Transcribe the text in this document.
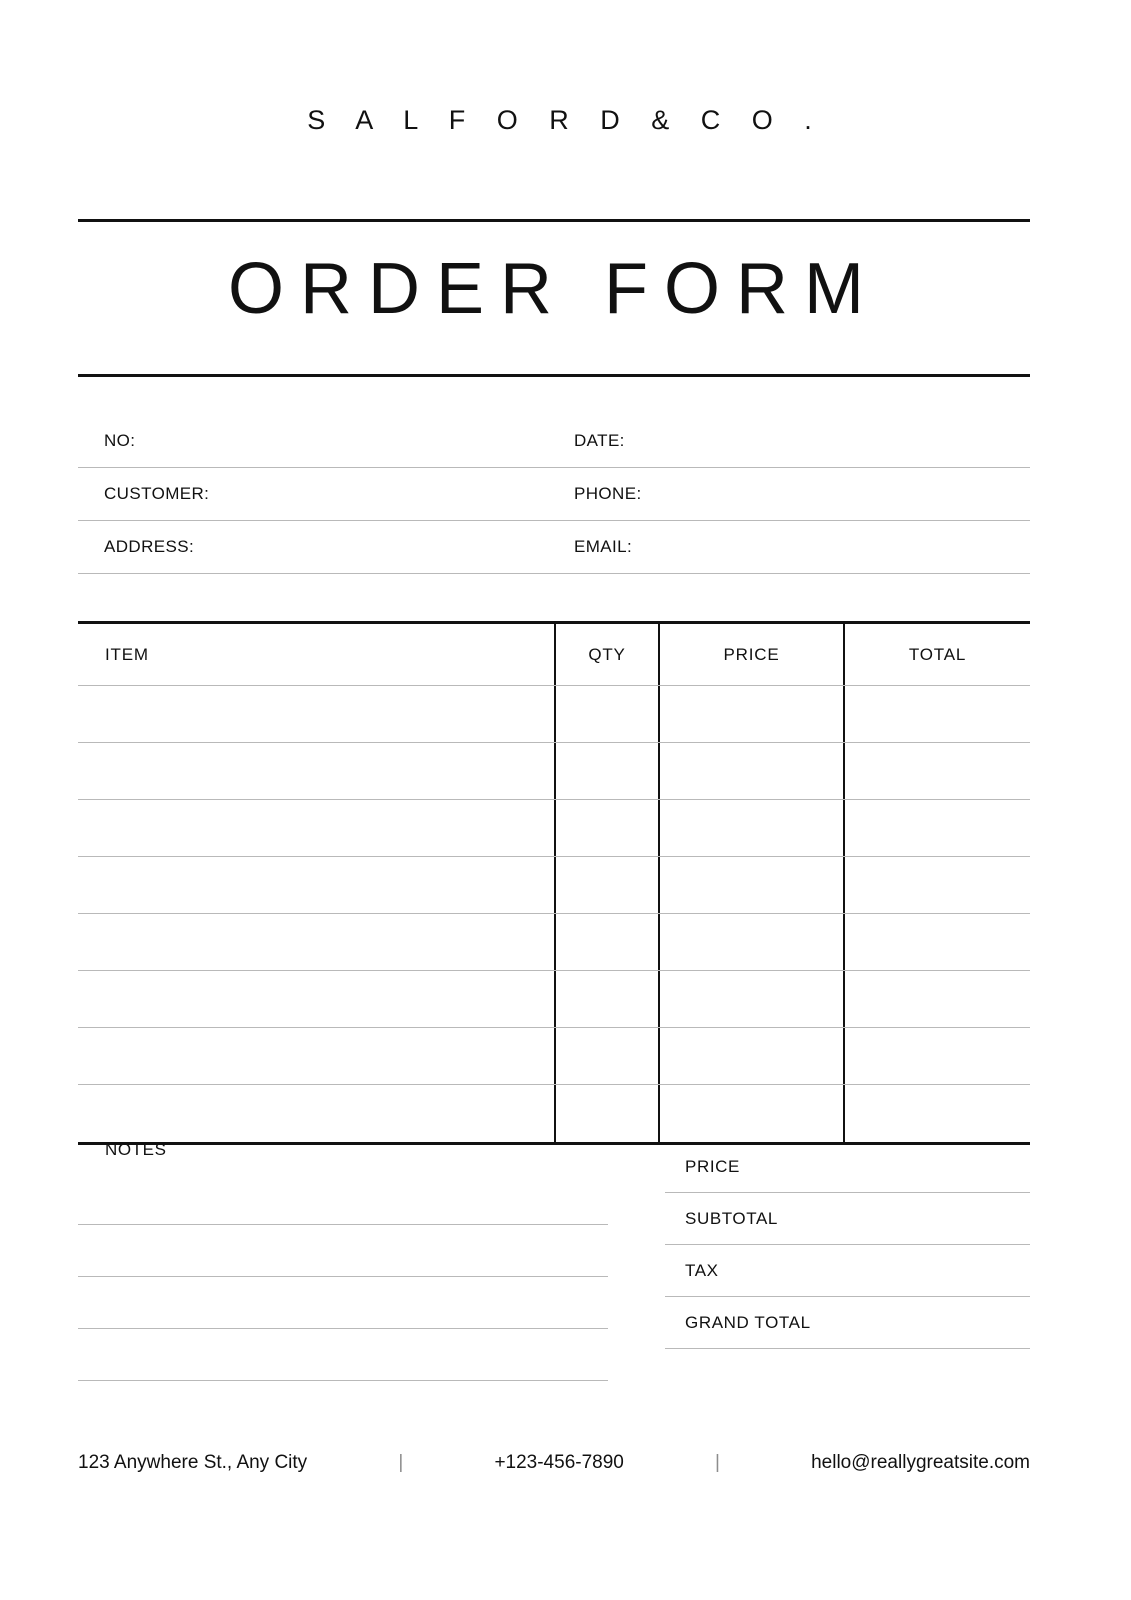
S A L F O R D & C O .
ORDER FORM
NO:	DATE:
CUSTOMER:	PHONE:
ADDRESS:	EMAIL:
ITEM	QTY	PRICE	TOTAL
NOTES
PRICE
SUBTOTAL
TAX
GRAND TOTAL
123 Anywhere St., Any City	|	+123-456-7890	|	hello@reallygreatsite.com
